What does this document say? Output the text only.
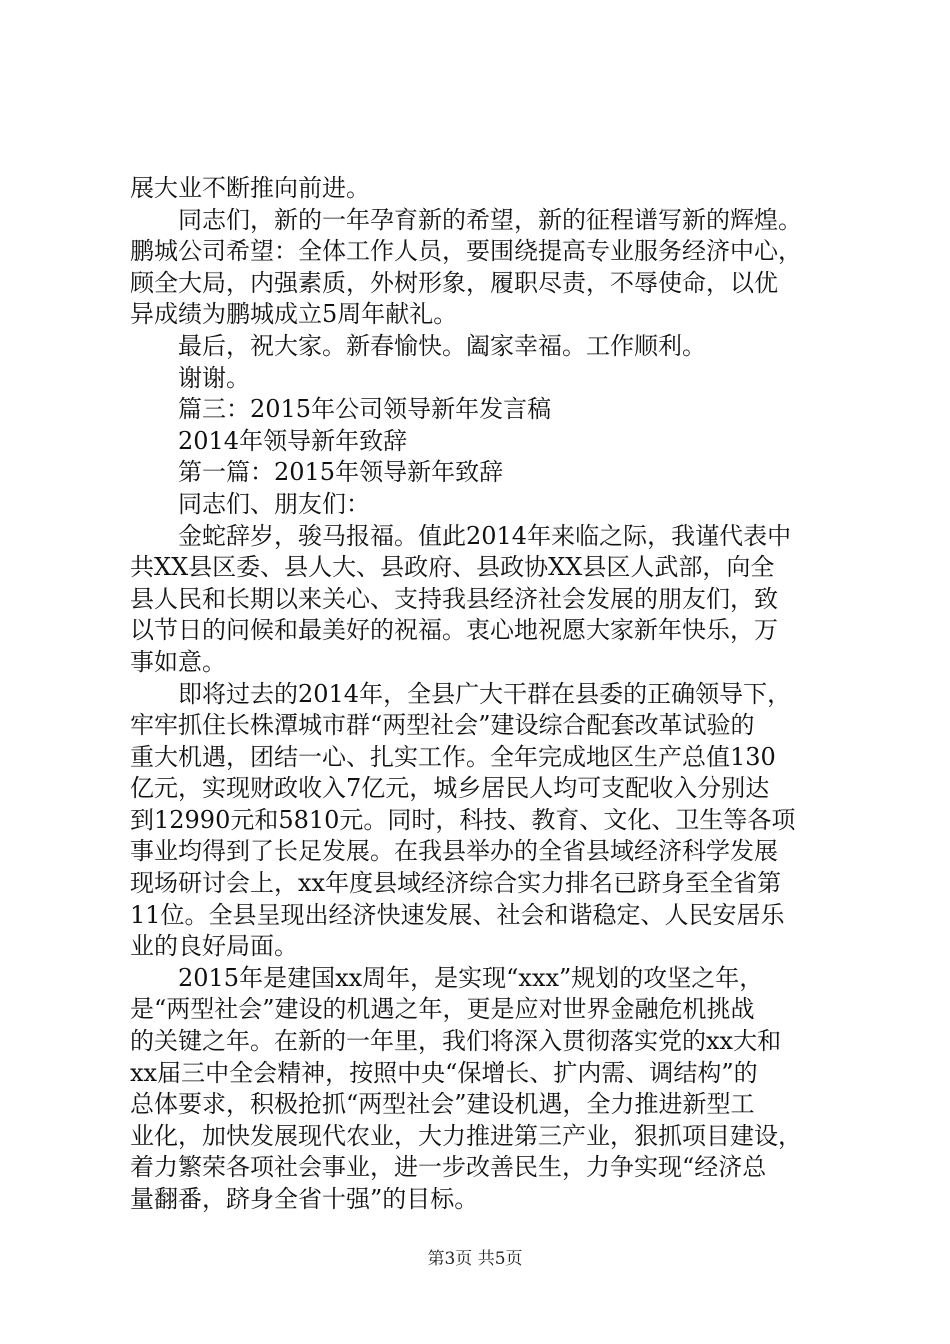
展大业不断推向前进。
同志们，新的一年孕育新的希望，新的征程谱写新的辉煌。
鹏城公司希望：全体工作人员，要围绕提高专业服务经济中心，
顾全大局，内强素质，外树形象，履职尽责，不辱使命，以优
异成绩为鹏城成立5周年献礼。
最后，祝大家。新春愉快。阖家幸福。工作顺利。
谢谢。
篇三：2015年公司领导新年发言稿
2014年领导新年致辞
第一篇：2015年领导新年致辞
同志们、朋友们：
金蛇辞岁，骏马报福。值此2014年来临之际，我谨代表中
共XX县区委、县人大、县政府、县政协XX县区人武部，向全
县人民和长期以来关心、支持我县经济社会发展的朋友们，致
以节日的问候和最美好的祝福。衷心地祝愿大家新年快乐，万
事如意。
即将过去的2014年，全县广大干群在县委的正确领导下，
牢牢抓住长株潭城市群“两型社会”建设综合配套改革试验的
重大机遇，团结一心、扎实工作。全年完成地区生产总值130
亿元，实现财政收入7亿元，城乡居民人均可支配收入分别达
到12990元和5810元。同时，科技、教育、文化、卫生等各项
事业均得到了长足发展。在我县举办的全省县域经济科学发展
现场研讨会上，xx年度县域经济综合实力排名已跻身至全省第
11位。全县呈现出经济快速发展、社会和谐稳定、人民安居乐
业的良好局面。
2015年是建国xx周年，是实现“xxx”规划的攻坚之年，
是“两型社会”建设的机遇之年，更是应对世界金融危机挑战
的关键之年。在新的一年里，我们将深入贯彻落实党的xx大和
xx届三中全会精神，按照中央“保增长、扩内需、调结构”的
总体要求，积极抢抓“两型社会”建设机遇，全力推进新型工
业化，加快发展现代农业，大力推进第三产业，狠抓项目建设，
着力繁荣各项社会事业，进一步改善民生，力争实现“经济总
量翻番，跻身全省十强”的目标。
第3页 共5页
